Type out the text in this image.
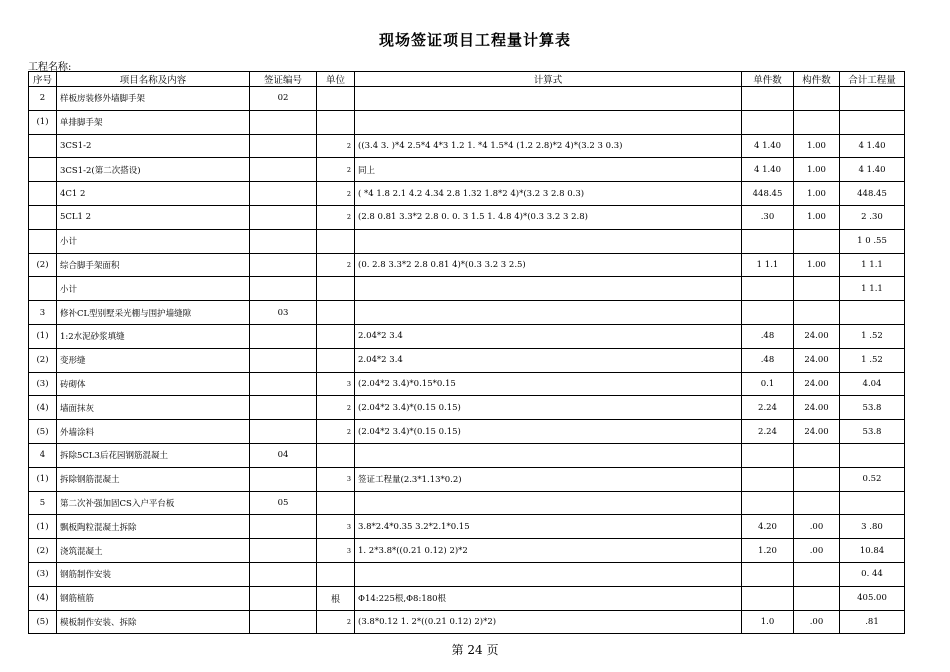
现场签证项目工程量计算表
工程名称:
序号	项目名称及内容	签证编号	单位	计算式	单件数	构件数	合计工程量
2	样板房装修外墙脚手架	02					
(1)	单排脚手架						
	3CS1-2		2	((3.4 3. )*4 2.5*4 4*3 1.2 1. *4 1.5*4 (1.2 2.8)*2 4)*(3.2 3 0.3)	4 1.40	1.00	4 1.40
	3CS1-2(第二次搭设)		2	同上	4 1.40	1.00	4 1.40
	4C1 2		2	( *4 1.8 2.1 4.2 4.34 2.8 1.32 1.8*2 4)*(3.2 3 2.8 0.3)	448.45	1.00	448.45
	5CL1 2		2	(2.8 0.81 3.3*2 2.8 0. 0. 3 1.5 1. 4.8 4)*(0.3 3.2 3 2.8)	.30	1.00	2 .30
	小计						1 0 .55
(2)	综合脚手架面积		2	(0. 2.8 3.3*2 2.8 0.81 4)*(0.3 3.2 3 2.5)	1 1.1	1.00	1 1.1
	小计						1 1.1
3	修补CL型别墅采光棚与围护墙缝隙	03					
(1)	1:2水泥砂浆填缝			2.04*2 3.4	.48	24.00	1 .52
(2)	变形缝			2.04*2 3.4	.48	24.00	1 .52
(3)	砖砌体		3	(2.04*2 3.4)*0.15*0.15	0.1	24.00	4.04
(4)	墙面抹灰		2	(2.04*2 3.4)*(0.15 0.15)	2.24	24.00	53.8
(5)	外墙涂料		2	(2.04*2 3.4)*(0.15 0.15)	2.24	24.00	53.8
4	拆除5CL3后花园钢筋混凝土	04					
(1)	拆除钢筋混凝土		3	签证工程量(2.3*1.13*0.2)			0.52
5	第二次补强加固CS入户平台板	05					
(1)	飘板陶粒混凝土拆除		3	3.8*2.4*0.35 3.2*2.1*0.15	4.20	.00	3 .80
(2)	浇筑混凝土		3	1. 2*3.8*((0.21 0.12) 2)*2	1.20	.00	10.84
(3)	钢筋制作安装						0. 44
(4)	钢筋植筋		根	Φ14:225根,Φ8:180根			405.00
(5)	模板制作安装、拆除		2	(3.8*0.12 1. 2*((0.21 0.12) 2)*2)	1.0	.00	.81
第 24 页
